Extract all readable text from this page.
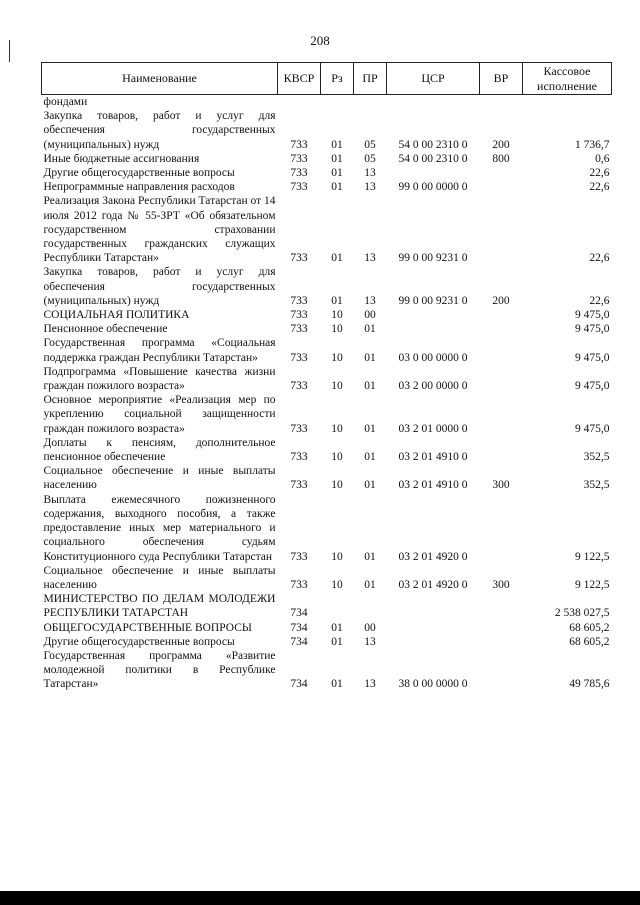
208
Наименование	КВСР	Рз	ПР	ЦСР	ВР	Кассовое исполнение
фондами						
Закупка товаров, работ и услуг для обеспечения государственных (муниципальных) нужд	733	01	05	54 0 00 2310 0	200	1 736,7
Иные бюджетные ассигнования	733	01	05	54 0 00 2310 0	800	0,6
Другие общегосударственные вопросы	733	01	13			22,6
Непрограммные направления расходов	733	01	13	99 0 00 0000 0		22,6
Реализация Закона Республики Татарстан от 14 июля 2012 года № 55-ЗРТ «Об обязательном государственном страховании государственных гражданских служащих Республики Татарстан»	733	01	13	99 0 00 9231 0		22,6
Закупка товаров, работ и услуг для обеспечения государственных (муниципальных) нужд	733	01	13	99 0 00 9231 0	200	22,6
СОЦИАЛЬНАЯ ПОЛИТИКА	733	10	00			9 475,0
Пенсионное обеспечение	733	10	01			9 475,0
Государственная программа «Социальная поддержка граждан Республики Татарстан»	733	10	01	03 0 00 0000 0		9 475,0
Подпрограмма «Повышение качества жизни граждан пожилого возраста»	733	10	01	03 2 00 0000 0		9 475,0
Основное мероприятие «Реализация мер по укреплению социальной защищенности граждан пожилого возраста»	733	10	01	03 2 01 0000 0		9 475,0
Доплаты к пенсиям, дополнительное пенсионное обеспечение	733	10	01	03 2 01 4910 0		352,5
Социальное обеспечение и иные выплаты населению	733	10	01	03 2 01 4910 0	300	352,5
Выплата ежемесячного пожизненного содержания, выходного пособия, а также предоставление иных мер материального и социального обеспечения судьям Конституционного суда Республики Татарстан	733	10	01	03 2 01 4920 0		9 122,5
Социальное обеспечение и иные выплаты населению	733	10	01	03 2 01 4920 0	300	9 122,5
МИНИСТЕРСТВО ПО ДЕЛАМ МОЛОДЕЖИ РЕСПУБЛИКИ ТАТАРСТАН	734					2 538 027,5
ОБЩЕГОСУДАРСТВЕННЫЕ ВОПРОСЫ	734	01	00			68 605,2
Другие общегосударственные вопросы	734	01	13			68 605,2
Государственная программа «Развитие молодежной политики в Республике Татарстан»	734	01	13	38 0 00 0000 0		49 785,6
